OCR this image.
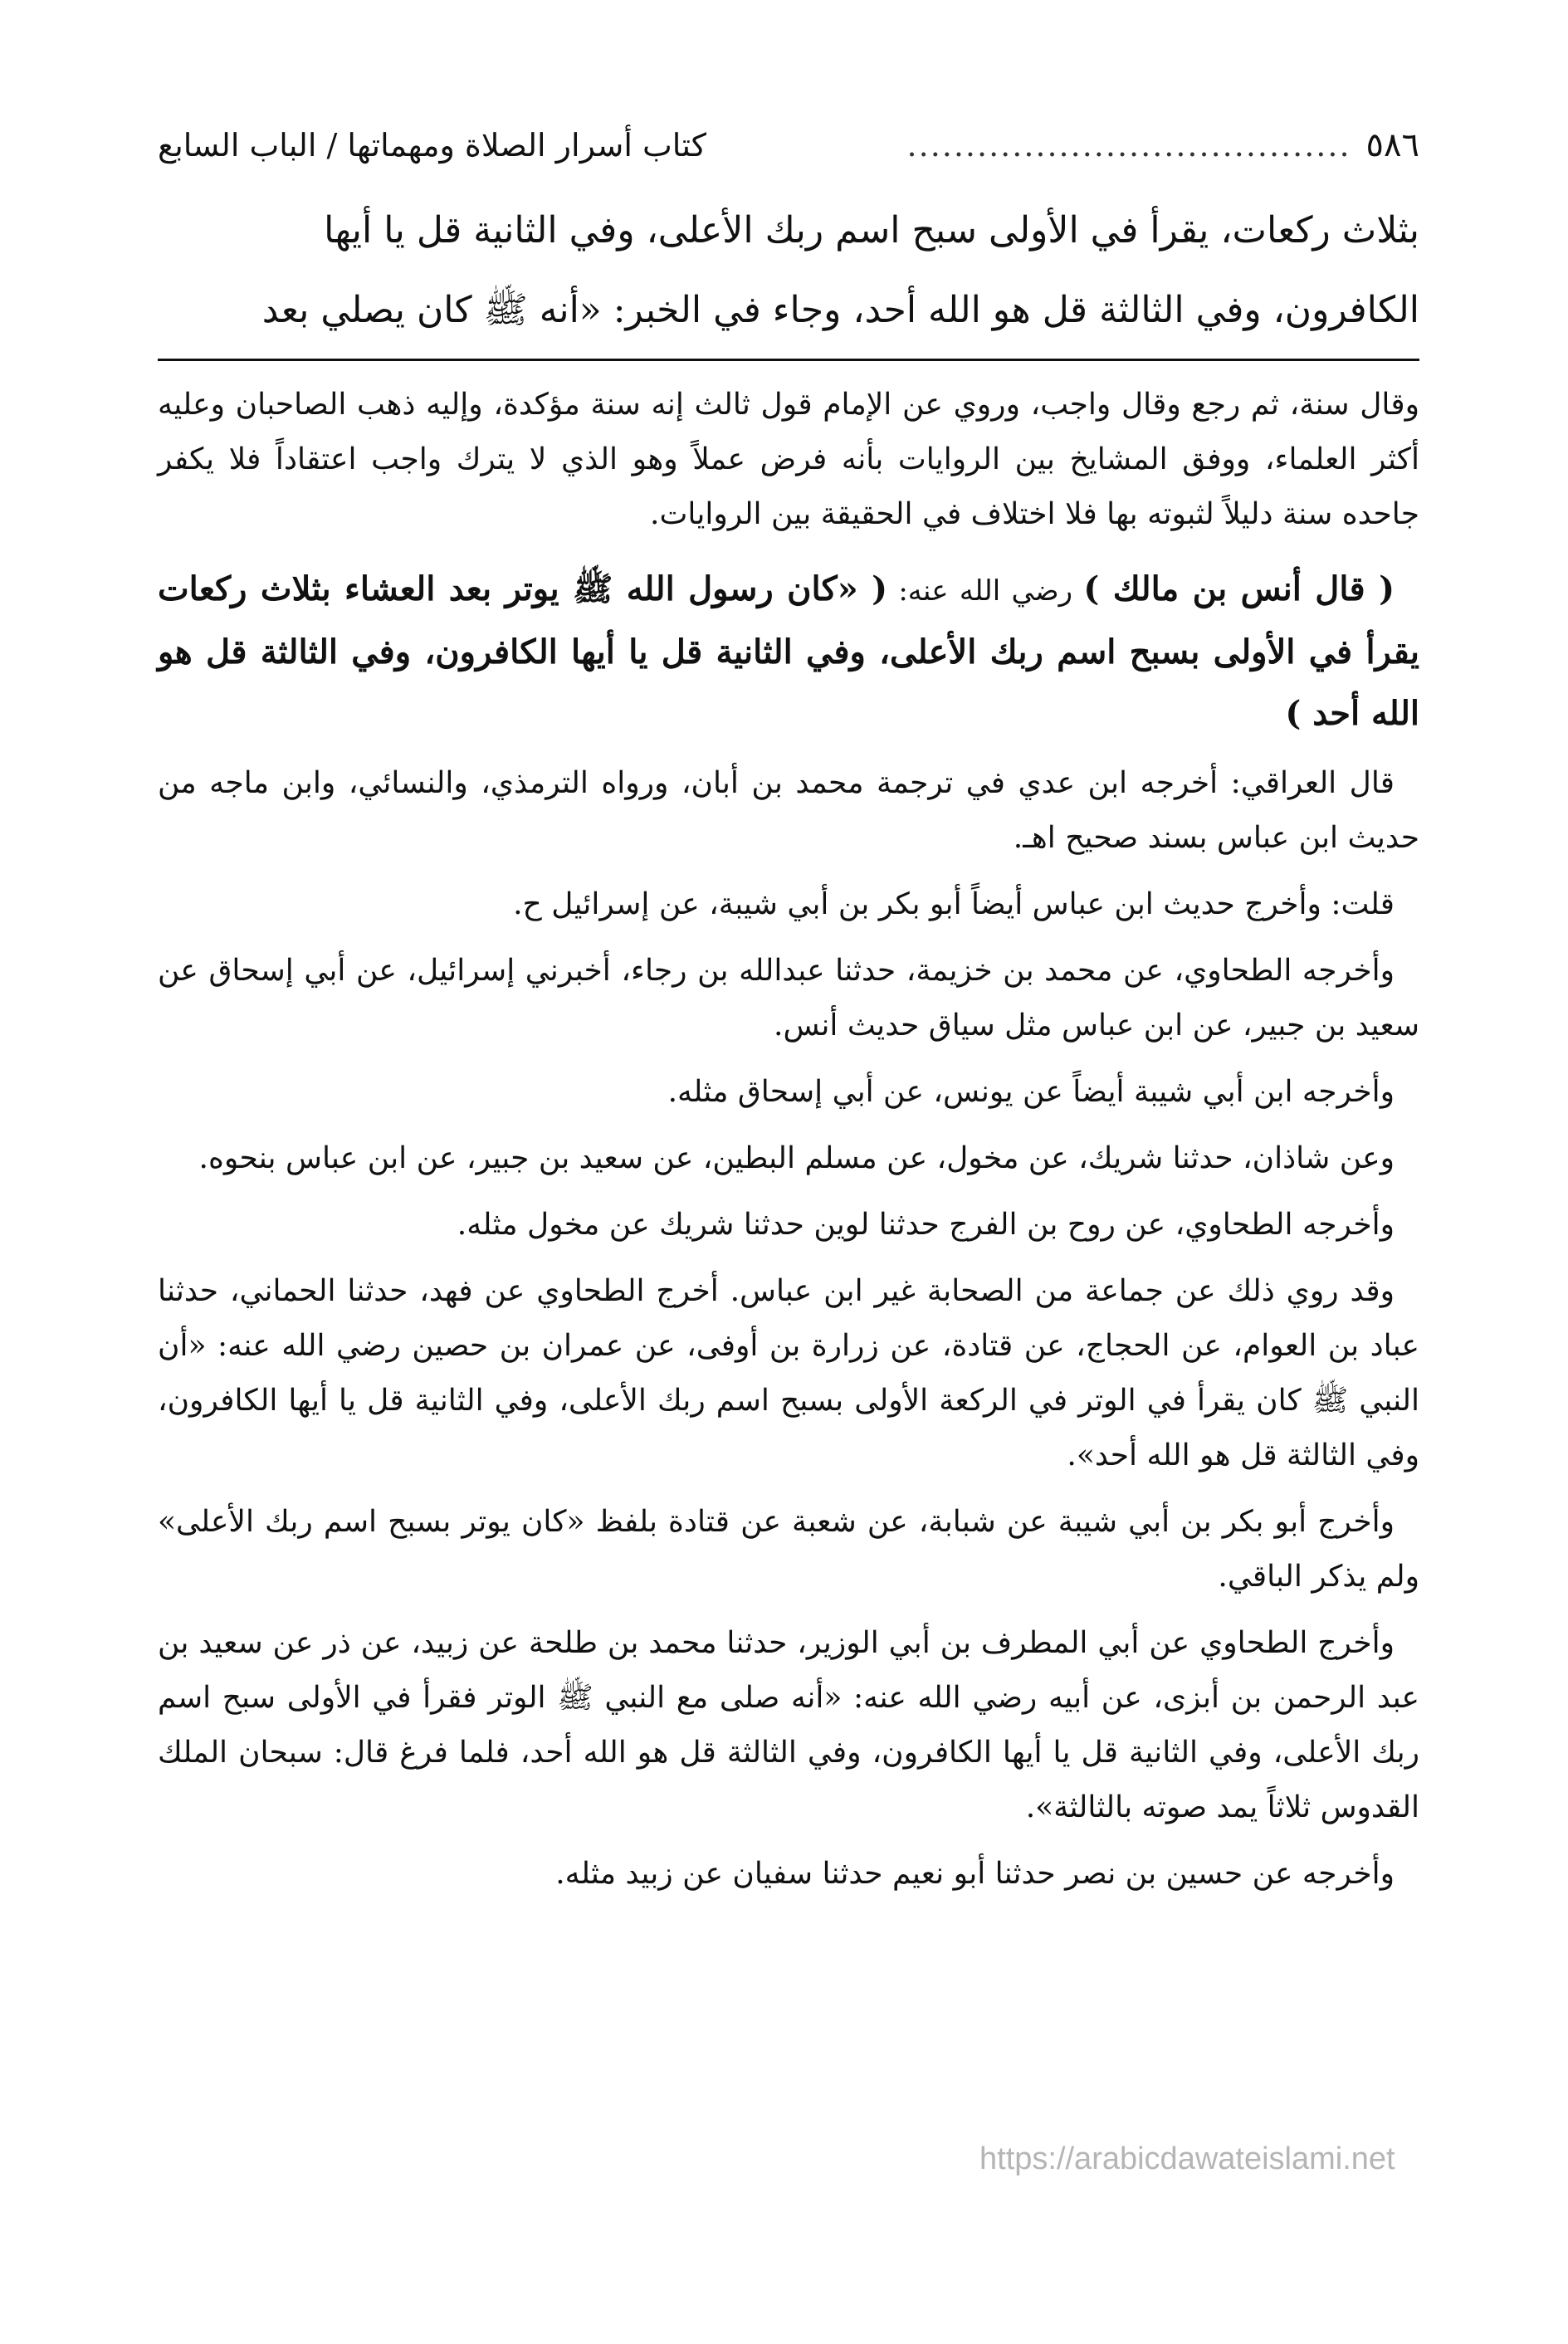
٥٨٦
......................................
كتاب أسرار الصلاة ومهماتها / الباب السابع

بثلاث ركعات، يقرأ في الأولى سبح اسم ربك الأعلى، وفي الثانية قل يا أيها

الكافرون، وفي الثالثة قل هو الله أحد، وجاء في الخبر: «أنه ﷺ كان يصلي بعد

وقال سنة، ثم رجع وقال واجب، وروي عن الإمام قول ثالث إنه سنة مؤكدة، وإليه ذهب الصاحبان وعليه أكثر العلماء، ووفق المشايخ بين الروايات بأنه فرض عملاً وهو الذي لا يترك واجب اعتقاداً فلا يكفر جاحده سنة دليلاً لثبوته بها فلا اختلاف في الحقيقة بين الروايات.

( قال أنس بن مالك ) رضي الله عنه: ( «كان رسول الله ﷺ يوتر بعد العشاء بثلاث ركعات يقرأ في الأولى بسبح اسم ربك الأعلى، وفي الثانية قل يا أيها الكافرون، وفي الثالثة قل هو الله أحد )

قال العراقي: أخرجه ابن عدي في ترجمة محمد بن أبان، ورواه الترمذي، والنسائي، وابن ماجه من حديث ابن عباس بسند صحيح اهـ.

قلت: وأخرج حديث ابن عباس أيضاً أبو بكر بن أبي شيبة، عن إسرائيل ح.

وأخرجه الطحاوي، عن محمد بن خزيمة، حدثنا عبدالله بن رجاء، أخبرني إسرائيل، عن أبي إسحاق عن سعيد بن جبير، عن ابن عباس مثل سياق حديث أنس.

وأخرجه ابن أبي شيبة أيضاً عن يونس، عن أبي إسحاق مثله.

وعن شاذان، حدثنا شريك، عن مخول، عن مسلم البطين، عن سعيد بن جبير، عن ابن عباس بنحوه.

وأخرجه الطحاوي، عن روح بن الفرج حدثنا لوين حدثنا شريك عن مخول مثله.

وقد روي ذلك عن جماعة من الصحابة غير ابن عباس. أخرج الطحاوي عن فهد، حدثنا الحماني، حدثنا عباد بن العوام، عن الحجاج، عن قتادة، عن زرارة بن أوفى، عن عمران بن حصين رضي الله عنه: «أن النبي ﷺ كان يقرأ في الوتر في الركعة الأولى بسبح اسم ربك الأعلى، وفي الثانية قل يا أيها الكافرون، وفي الثالثة قل هو الله أحد».

وأخرج أبو بكر بن أبي شيبة عن شبابة، عن شعبة عن قتادة بلفظ «كان يوتر بسبح اسم ربك الأعلى» ولم يذكر الباقي.

وأخرج الطحاوي عن أبي المطرف بن أبي الوزير، حدثنا محمد بن طلحة عن زبيد، عن ذر عن سعيد بن عبد الرحمن بن أبزى، عن أبيه رضي الله عنه: «أنه صلى مع النبي ﷺ الوتر فقرأ في الأولى سبح اسم ربك الأعلى، وفي الثانية قل يا أيها الكافرون، وفي الثالثة قل هو الله أحد، فلما فرغ قال: سبحان الملك القدوس ثلاثاً يمد صوته بالثالثة».

وأخرجه عن حسين بن نصر حدثنا أبو نعيم حدثنا سفيان عن زبيد مثله.

https://arabicdawateislami.net
